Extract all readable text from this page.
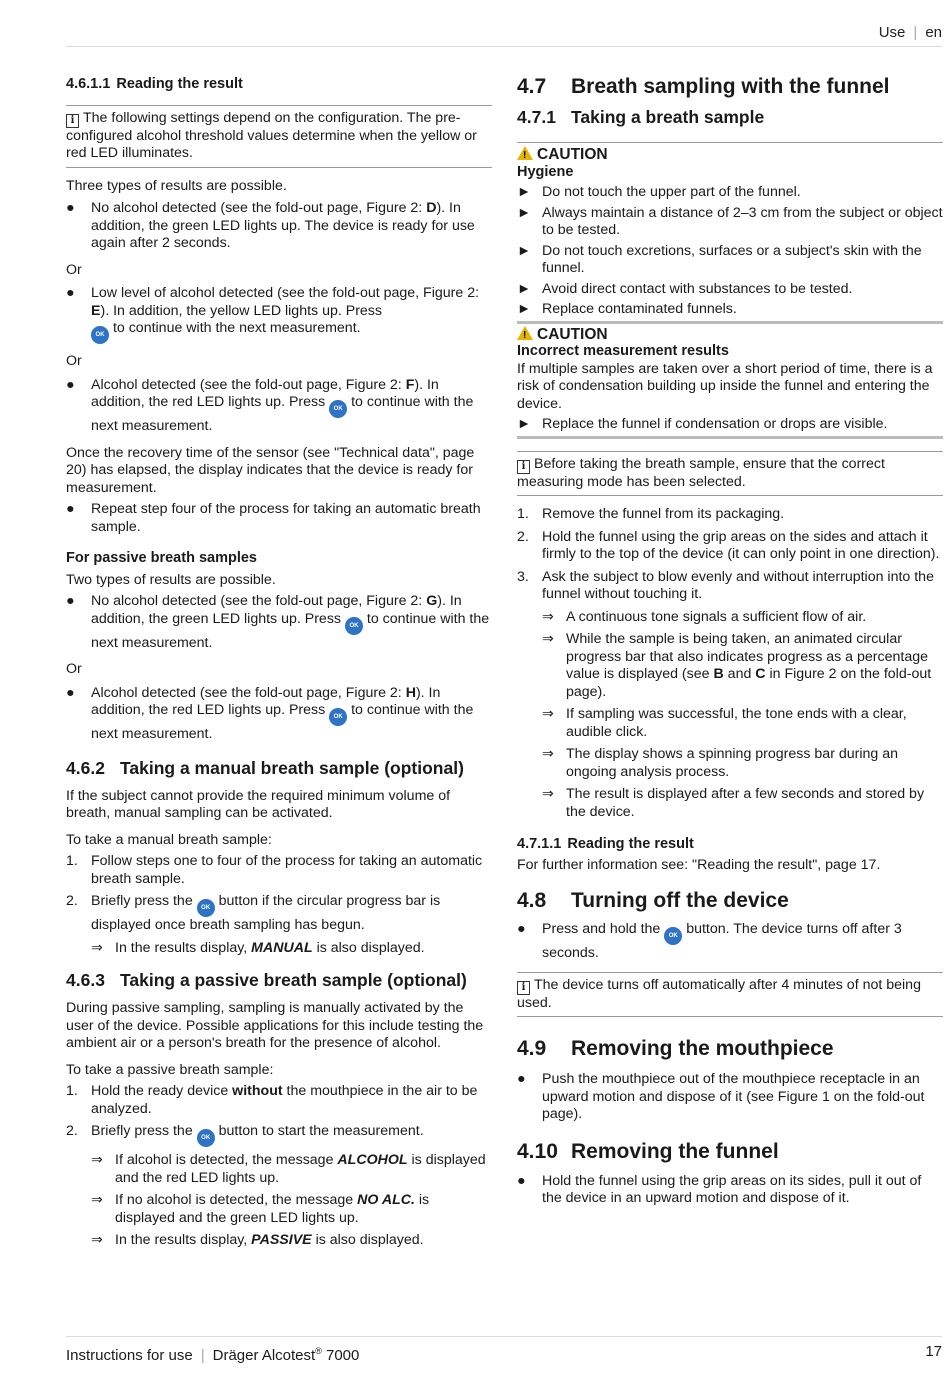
Use | en

4.6.1.1 Reading the result

i The following settings depend on the configuration. The pre-configured alcohol threshold values determine when the yellow or red LED illuminates.

Three types of results are possible.

● No alcohol detected (see the fold-out page, Figure 2: D). In addition, the green LED lights up. The device is ready for use again after 2 seconds.

Or

● Low level of alcohol detected (see the fold-out page, Figure 2: E). In addition, the yellow LED lights up. Press
OK to continue with the next measurement.

Or

● Alcohol detected (see the fold-out page, Figure 2: F). In addition, the red LED lights up. Press OK to continue with the next measurement.

Once the recovery time of the sensor (see "Technical data", page 20) has elapsed, the display indicates that the device is ready for measurement.

● Repeat step four of the process for taking an automatic breath sample.

For passive breath samples

Two types of results are possible.

● No alcohol detected (see the fold-out page, Figure 2: G). In addition, the green LED lights up. Press OK to continue with the next measurement.

Or

● Alcohol detected (see the fold-out page, Figure 2: H). In addition, the red LED lights up. Press OK to continue with the next measurement.

4.6.2 Taking a manual breath sample (optional)

If the subject cannot provide the required minimum volume of breath, manual sampling can be activated.

To take a manual breath sample:

1. Follow steps one to four of the process for taking an automatic breath sample.
2. Briefly press the OK button if the circular progress bar is displayed once breath sampling has begun.
⇒ In the results display, MANUAL is also displayed.

4.6.3 Taking a passive breath sample (optional)

During passive sampling, sampling is manually activated by the user of the device. Possible applications for this include testing the ambient air or a person's breath for the presence of alcohol.

To take a passive breath sample:

1. Hold the ready device without the mouthpiece in the air to be analyzed.
2. Briefly press the OK button to start the measurement.
⇒ If alcohol is detected, the message ALCOHOL is displayed and the red LED lights up.
⇒ If no alcohol is detected, the message NO ALC. is displayed and the green LED lights up.
⇒ In the results display, PASSIVE is also displayed.

4.7 Breath sampling with the funnel

4.7.1 Taking a breath sample

! CAUTION

Hygiene

► Do not touch the upper part of the funnel.
► Always maintain a distance of 2–3 cm from the subject or object to be tested.
► Do not touch excretions, surfaces or a subject's skin with the funnel.
► Avoid direct contact with substances to be tested.
► Replace contaminated funnels.

! CAUTION

Incorrect measurement results

If multiple samples are taken over a short period of time, there is a risk of condensation building up inside the funnel and entering the device.

► Replace the funnel if condensation or drops are visible.
i Before taking the breath sample, ensure that the correct measuring mode has been selected.
1. Remove the funnel from its packaging.
2. Hold the funnel using the grip areas on the sides and attach it firmly to the top of the device (it can only point in one direction).
3. Ask the subject to blow evenly and without interruption into the funnel without touching it.
⇒ A continuous tone signals a sufficient flow of air.
⇒ While the sample is being taken, an animated circular progress bar that also indicates progress as a percentage value is displayed (see B and C in Figure 2 on the fold-out page).
⇒ If sampling was successful, the tone ends with a clear, audible click.
⇒ The display shows a spinning progress bar during an ongoing analysis process.
⇒ The result is displayed after a few seconds and stored by the device.

4.7.1.1 Reading the result

For further information see: "Reading the result", page 17.

4.8 Turning off the device

● Press and hold the OK button. The device turns off after 3 seconds.
i The device turns off automatically after 4 minutes of not being used.

4.9 Removing the mouthpiece

● Push the mouthpiece out of the mouthpiece receptacle in an upward motion and dispose of it (see Figure 1 on the fold-out page).

4.10 Removing the funnel

● Hold the funnel using the grip areas on its sides, pull it out of the device in an upward motion and dispose of it.
Instructions for use | Dräger Alcotest® 7000	17
